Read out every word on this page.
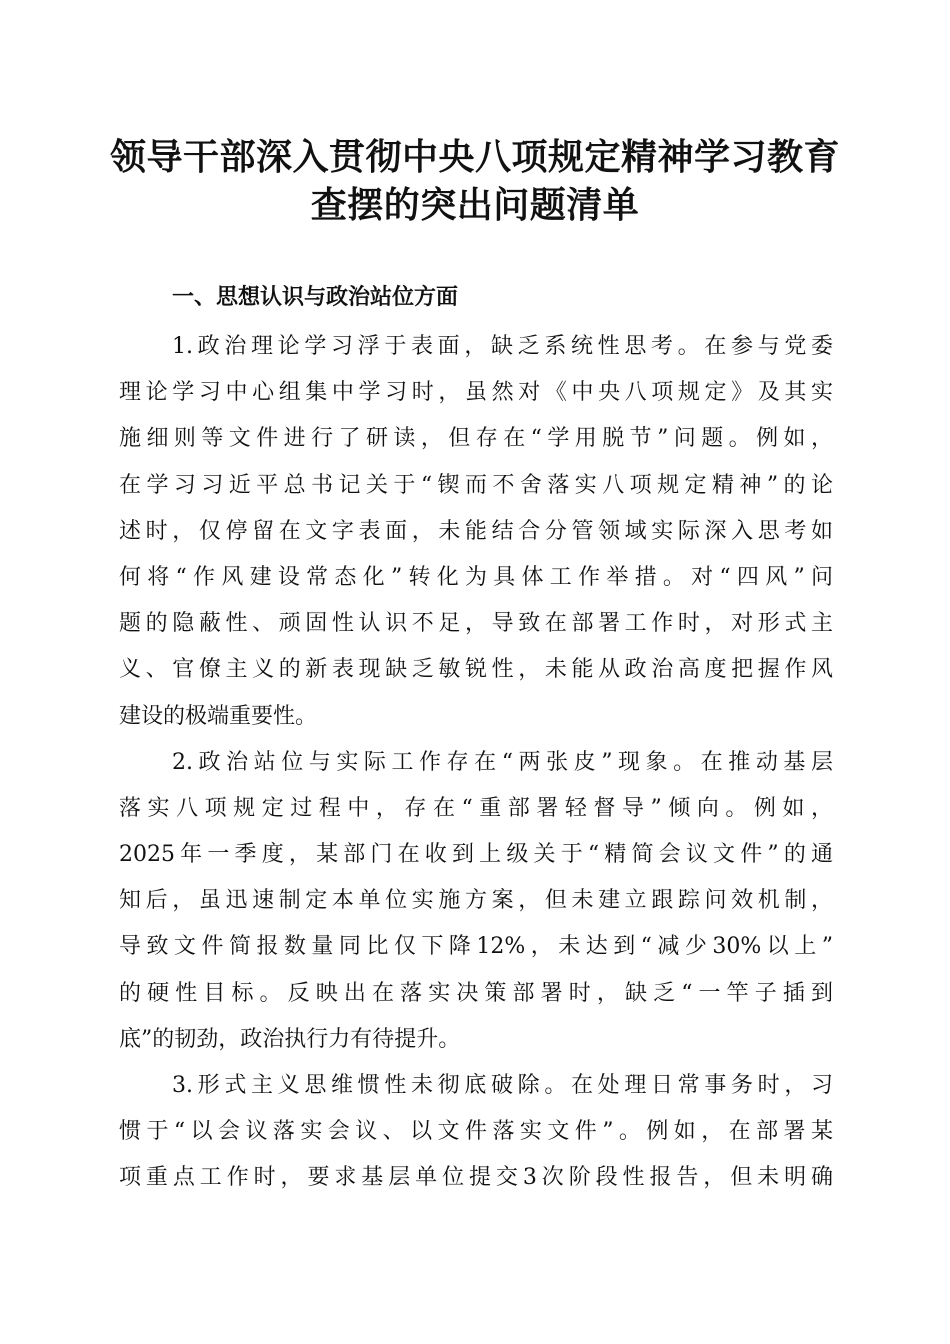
领导干部深入贯彻中央八项规定精神学习教育
查摆的突出问题清单
一、思想认识与政治站位方面
1.政治理论学习浮于表面，缺乏系统性思考。在参与党委
理论学习中心组集中学习时，虽然对《中央八项规定》及其实
施细则等文件进行了研读，但存在“学用脱节”问题。例如，
在学习习近平总书记关于“锲而不舍落实八项规定精神”的论
述时，仅停留在文字表面，未能结合分管领域实际深入思考如
何将“作风建设常态化”转化为具体工作举措。对“四风”问
题的隐蔽性、顽固性认识不足，导致在部署工作时，对形式主
义、官僚主义的新表现缺乏敏锐性，未能从政治高度把握作风
建设的极端重要性。
2.政治站位与实际工作存在“两张皮”现象。在推动基层
落实八项规定过程中，存在“重部署轻督导”倾向。例如，
2025年一季度，某部门在收到上级关于“精简会议文件”的通
知后，虽迅速制定本单位实施方案，但未建立跟踪问效机制，
导致文件简报数量同比仅下降12%，未达到“减少30%以上”
的硬性目标。反映出在落实决策部署时，缺乏“一竿子插到
底”的韧劲，政治执行力有待提升。
3.形式主义思维惯性未彻底破除。在处理日常事务时，习
惯于“以会议落实会议、以文件落实文件”。例如，在部署某
项重点工作时，要求基层单位提交3次阶段性报告，但未明确
